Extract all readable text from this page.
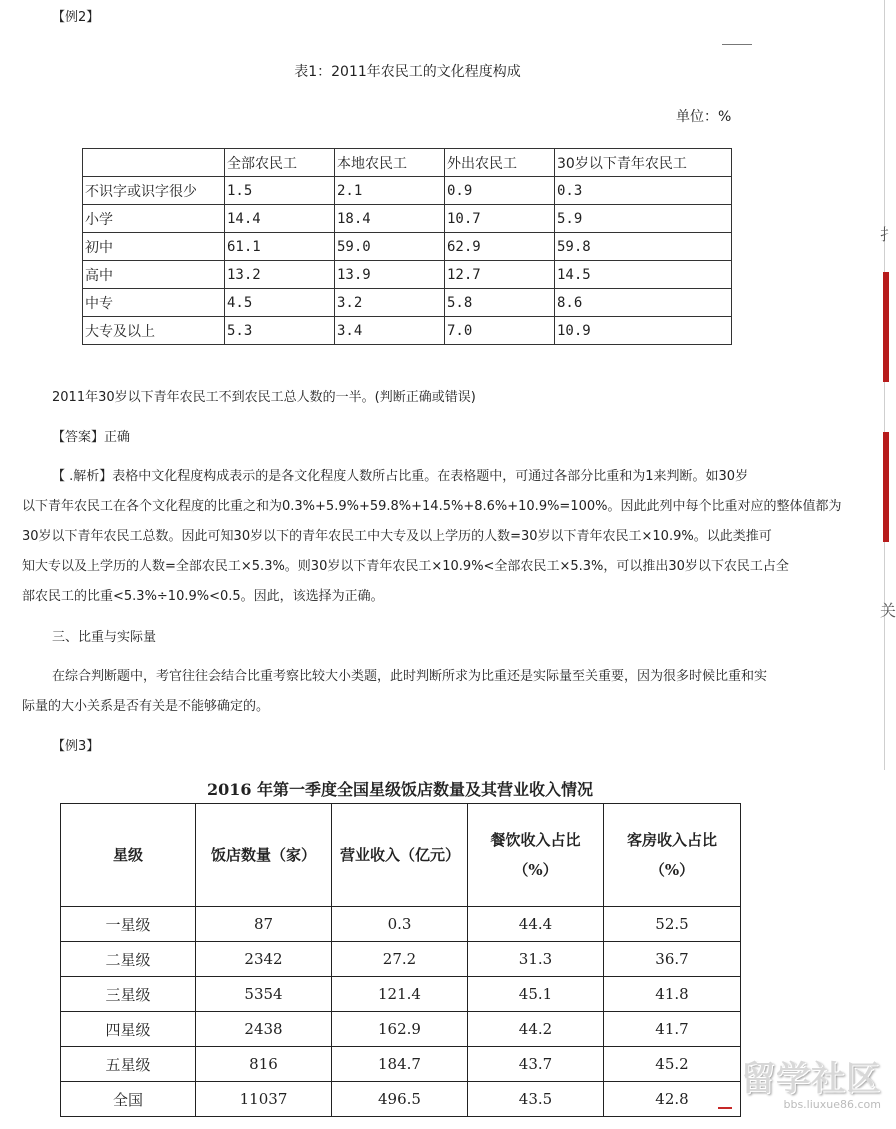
扌
关
【例2】
表1：2011年农民工的文化程度构成
单位：%
	全部农民工	本地农民工	外出农民工	30岁以下青年农民工
不识字或识字很少	1.5	2.1	0.9	0.3
小学	14.4	18.4	10.7	5.9
初中	61.1	59.0	62.9	59.8
高中	13.2	13.9	12.7	14.5
中专	4.5	3.2	5.8	8.6
大专及以上	5.3	3.4	7.0	10.9
2011年30岁以下青年农民工不到农民工总人数的一半。(判断正确或错误)
【答案】正确
【 .解析】表格中文化程度构成表示的是各文化程度人数所占比重。在表格题中，可通过各部分比重和为1来判断。如30岁
以下青年农民工在各个文化程度的比重之和为0.3%+5.9%+59.8%+14.5%+8.6%+10.9%=100%。因此此列中每个比重对应的整体值都为
30岁以下青年农民工总数。因此可知30岁以下的青年农民工中大专及以上学历的人数=30岁以下青年农民工×10.9%。以此类推可
知大专以及上学历的人数=全部农民工×5.3%。则30岁以下青年农民工×10.9%<全部农民工×5.3%，可以推出30岁以下农民工占全
部农民工的比重<5.3%÷10.9%<0.5。因此，该选择为正确。
三、比重与实际量
在综合判断题中，考官往往会结合比重考察比较大小类题，此时判断所求为比重还是实际量至关重要，因为很多时候比重和实
际量的大小关系是否有关是不能够确定的。
【例3】
2016 年第一季度全国星级饭店数量及其营业收入情况
星级	饭店数量（家）	营业收入（亿元）	餐饮收入占比（%）	客房收入占比（%）
一星级	87	0.3	44.4	52.5
二星级	2342	27.2	31.3	36.7
三星级	5354	121.4	45.1	41.8
四星级	2438	162.9	44.2	41.7
五星级	816	184.7	43.7	45.2
全国	11037	496.5	43.5	42.8	留学社区
bbs.liuxue86.com
